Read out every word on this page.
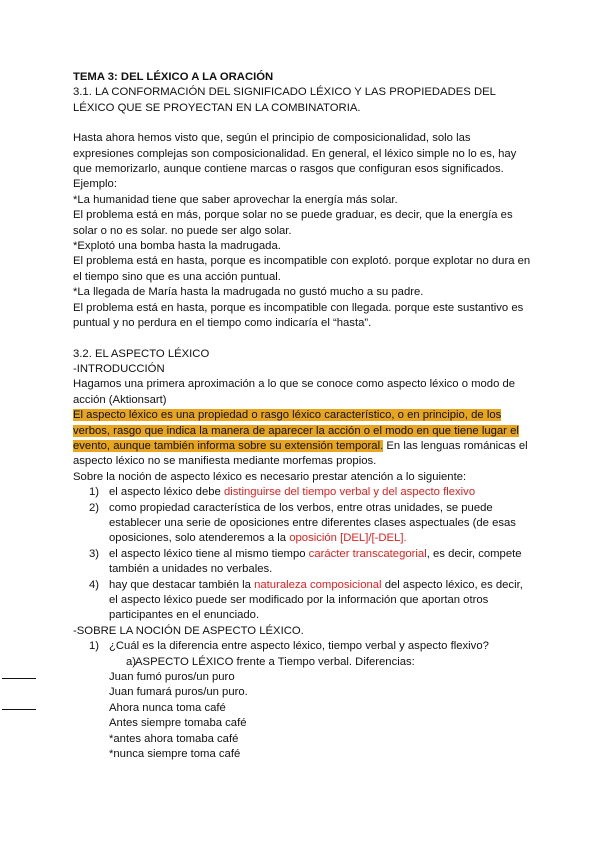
TEMA 3: DEL LÉXICO A LA ORACIÓN
3.1. LA CONFORMACIÓN DEL SIGNIFICADO LÉXICO Y LAS PROPIEDADES DEL LÉXICO QUE SE PROYECTAN EN LA COMBINATORIA.
Hasta ahora hemos visto que, según el principio de composicionalidad, solo las expresiones complejas son composicionalidad. En general, el léxico simple no lo es, hay que memorizarlo, aunque contiene marcas o rasgos que configuran esos significados.
Ejemplo:
*La humanidad tiene que saber aprovechar la energía más solar.
El problema está en más, porque solar no se puede graduar, es decir, que la energía es solar o no es solar. no puede ser algo solar.
*Explotó una bomba hasta la madrugada.
El problema está en hasta, porque es incompatible con explotó. porque explotar no dura en el tiempo sino que es una acción puntual.
*La llegada de María hasta la madrugada no gustó mucho a su padre.
El problema está en hasta, porque es incompatible con llegada. porque este sustantivo es puntual y no perdura en el tiempo como indicaría el “hasta”.
3.2. EL ASPECTO LÉXICO
-INTRODUCCIÓN
Hagamos una primera aproximación a lo que se conoce como aspecto léxico o modo de acción (Aktionsart)
El aspecto léxico es una propiedad o rasgo léxico característico, o en principio, de los verbos, rasgo que indica la manera de aparecer la acción o el modo en que tiene lugar el evento, aunque también informa sobre su extensión temporal. En las lenguas románicas el aspecto léxico no se manifiesta mediante morfemas propios.
Sobre la noción de aspecto léxico es necesario prestar atención a lo siguiente:
1) el aspecto léxico debe distinguirse del tiempo verbal y del aspecto flexivo
2) como propiedad característica de los verbos, entre otras unidades, se puede establecer una serie de oposiciones entre diferentes clases aspectuales (de esas oposiciones, solo atenderemos a la oposición [DEL]/[-DEL].
3) el aspecto léxico tiene al mismo tiempo carácter transcategorial, es decir, compete también a unidades no verbales.
4) hay que destacar también la naturaleza composicional del aspecto léxico, es decir, el aspecto léxico puede ser modificado por la información que aportan otros participantes en el enunciado.
-SOBRE LA NOCIÓN DE ASPECTO LÉXICO.
1) ¿Cuál es la diferencia entre aspecto léxico, tiempo verbal y aspecto flexivo?
a)
ASPECTO LÉXICO frente a Tiempo verbal. Diferencias:
Juan fumó puros/un puro
Juan fumará puros/un puro.
Ahora nunca toma café
Antes siempre tomaba café
*antes ahora tomaba café
*nunca siempre toma café
